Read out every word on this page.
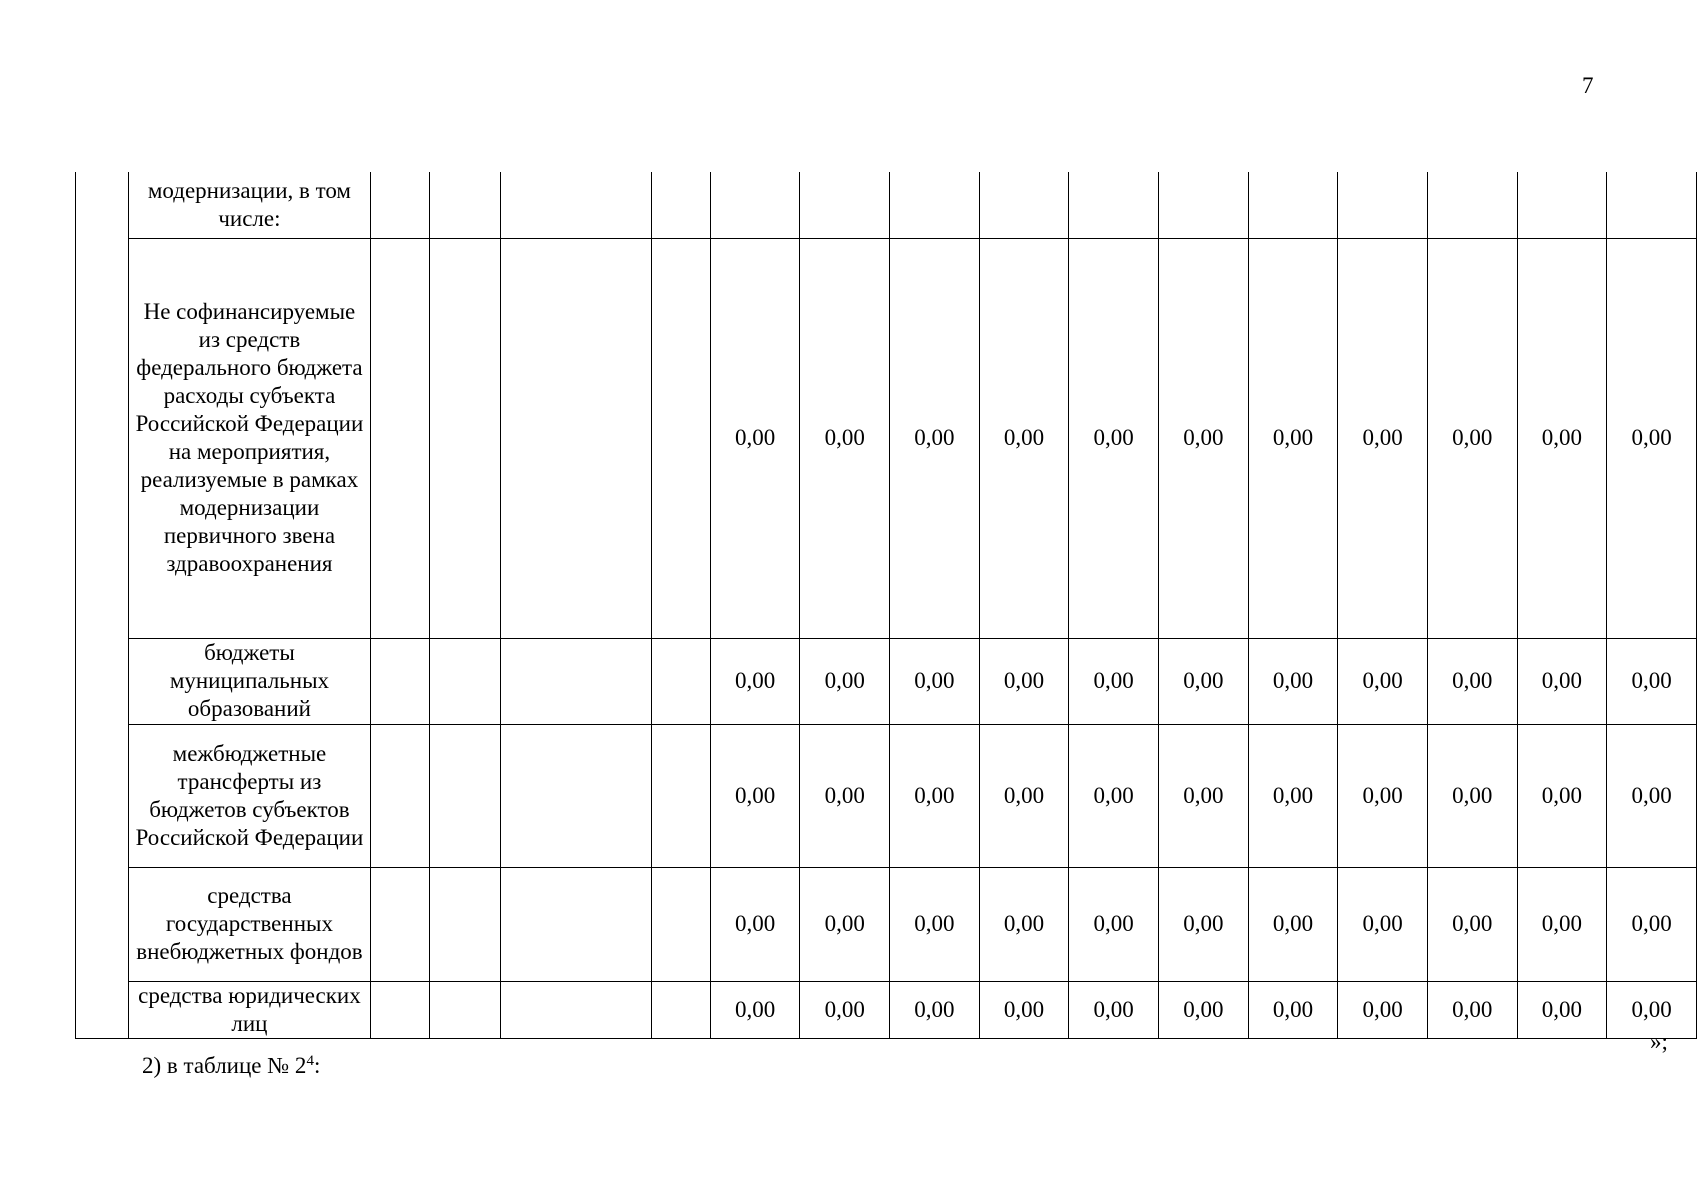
7
	модернизации, в том числе:															
	Не софинансируемые из средств федерального бюджета расходы субъекта Российской Федерации на мероприятия, реализуемые в рамках модернизации первичного звена здравоохранения					0,00	0,00	0,00	0,00	0,00	0,00	0,00	0,00	0,00	0,00	0,00
	бюджеты муниципальных образований					0,00	0,00	0,00	0,00	0,00	0,00	0,00	0,00	0,00	0,00	0,00
	межбюджетные трансферты из бюджетов субъектов Российской Федерации					0,00	0,00	0,00	0,00	0,00	0,00	0,00	0,00	0,00	0,00	0,00
	средства государственных внебюджетных фондов					0,00	0,00	0,00	0,00	0,00	0,00	0,00	0,00	0,00	0,00	0,00
	средства юридических лиц					0,00	0,00	0,00	0,00	0,00	0,00	0,00	0,00	0,00	0,00	0,00
»;
2) в таблице № $2^4$:
